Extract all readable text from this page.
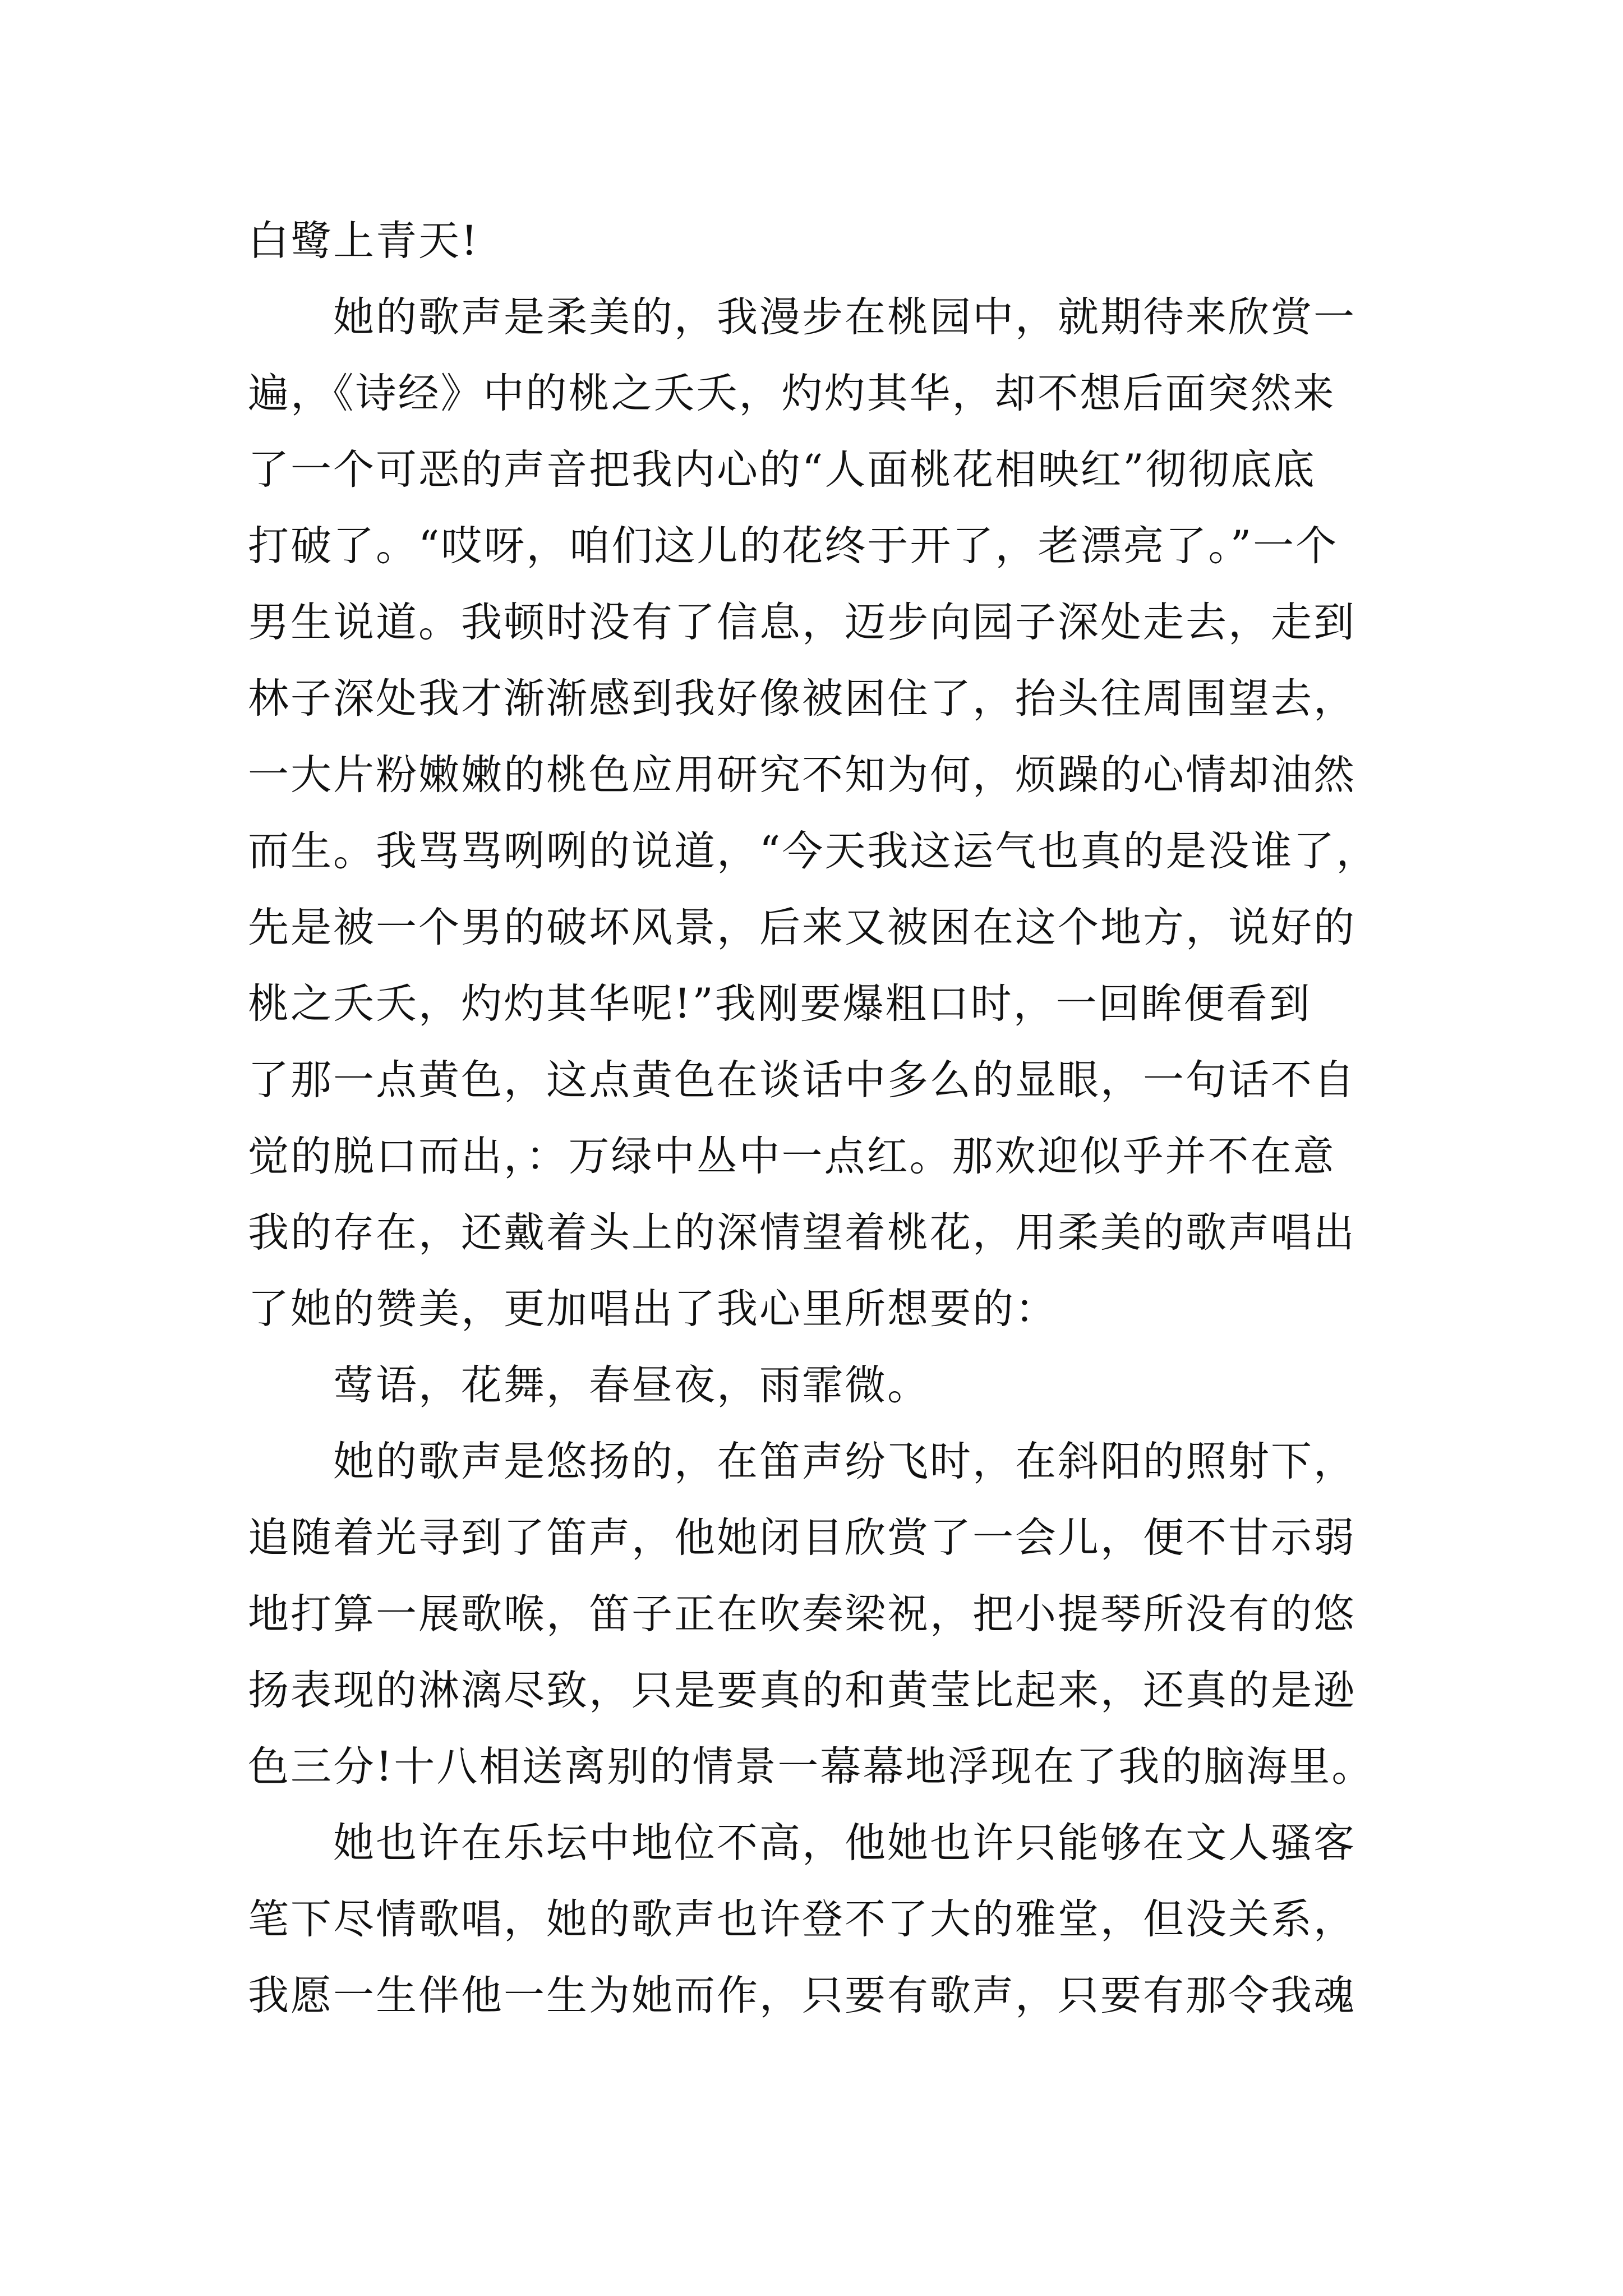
白鹭上青天!
　　她的歌声是柔美的，我漫步在桃园中，就期待来欣赏一
遍，《诗经》中的桃之夭夭，灼灼其华，却不想后面突然来
了一个可恶的声音把我内心的“人面桃花相映红”彻彻底底
打破了。“哎呀，咱们这儿的花终于开了，老漂亮了。”一个
男生说道。我顿时没有了信息，迈步向园子深处走去，走到
林子深处我才渐渐感到我好像被困住了，抬头往周围望去，
一大片粉嫩嫩的桃色应用研究不知为何，烦躁的心情却油然
而生。我骂骂咧咧的说道，“今天我这运气也真的是没谁了，
先是被一个男的破坏风景，后来又被困在这个地方，说好的
桃之夭夭，灼灼其华呢!”我刚要爆粗口时，一回眸便看到
了那一点黄色，这点黄色在谈话中多么的显眼，一句话不自
觉的脱口而出，：万绿中丛中一点红。那欢迎似乎并不在意
我的存在，还戴着头上的深情望着桃花，用柔美的歌声唱出
了她的赞美，更加唱出了我心里所想要的：
　　莺语，花舞，春昼夜，雨霏微。
　　她的歌声是悠扬的，在笛声纷飞时，在斜阳的照射下，
追随着光寻到了笛声，他她闭目欣赏了一会儿，便不甘示弱
地打算一展歌喉，笛子正在吹奏梁祝，把小提琴所没有的悠
扬表现的淋漓尽致，只是要真的和黄莹比起来，还真的是逊
色三分!十八相送离别的情景一幕幕地浮现在了我的脑海里。
　　她也许在乐坛中地位不高，他她也许只能够在文人骚客
笔下尽情歌唱，她的歌声也许登不了大的雅堂，但没关系，
我愿一生伴他一生为她而作，只要有歌声，只要有那令我魂
